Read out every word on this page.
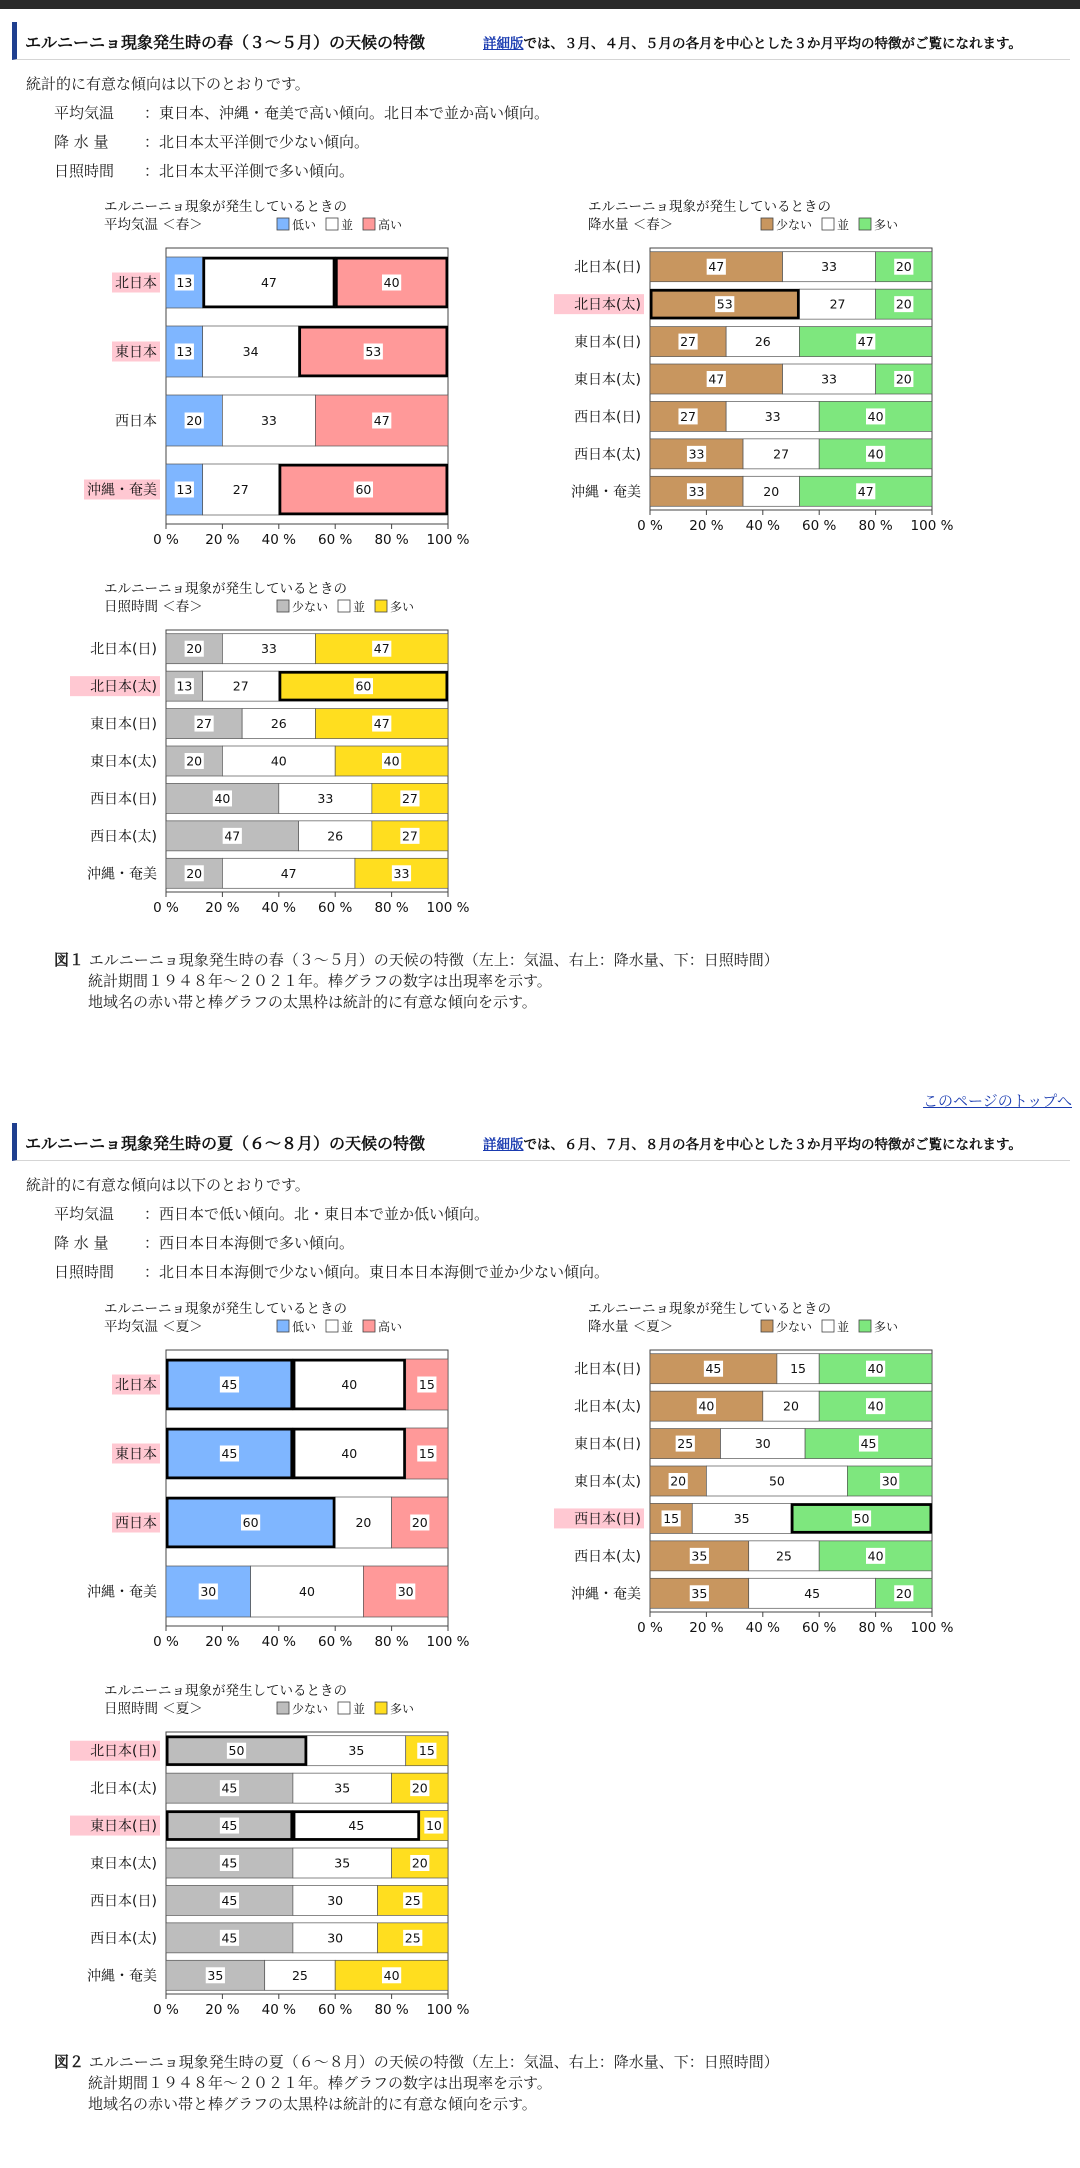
エルニーニョ現象発生時の春（３～５月）の天候の特徴	詳細版では、３月、４月、５月の各月を中心とした３か月平均の特徴がご覧になれます。
統計的に有意な傾向は以下のとおりです。
平均気温 ：東日本、沖縄・奄美で高い傾向。北日本で並か高い傾向。
降 水 量 ：北日本太平洋側で少ない傾向。
日照時間 ：北日本太平洋側で多い傾向。
エルニーニョ現象が発生しているときの
平均気温 ＜春＞	低い 並 高い
北日本 13	47	40
東日本 13	34	53
西日本 20	33	47
沖縄・奄美 13	27	60
0 % 20 % 40 % 60 % 80 % 100 %
エルニーニョ現象が発生しているときの
降水量 ＜春＞	少ない 並 多い
北日本(日)	47	33	20
北日本(太)	53	27	20
東日本(日)	27	26	47
東日本(太)	47	33	20
西日本(日)	27	33	40
西日本(太)	33	27	40
沖縄・奄美	33	20	47
0 % 20 % 40 % 60 % 80 % 100 %
エルニーニョ現象が発生しているときの
日照時間 ＜春＞	少ない 並 多い
北日本(日) 20	33	47
北日本(太) 13	27	60
東日本(日)	27	26	47
東日本(太) 20	40	40
西日本(日)	40	33	27
西日本(太)	47	26	27
沖縄・奄美 20	47	33
0 % 20 % 40 % 60 % 80 % 100 %
図１ エルニーニョ現象発生時の春（３～５月）の天候の特徴（左上：気温、右上：降水量、下：日照時間）
統計期間１９４８年～２０２１年。棒グラフの数字は出現率を示す。
地域名の赤い帯と棒グラフの太黒枠は統計的に有意な傾向を示す。
このページのトップへ
エルニーニョ現象発生時の夏（６～８月）の天候の特徴	詳細版では、６月、７月、８月の各月を中心とした３か月平均の特徴がご覧になれます。
統計的に有意な傾向は以下のとおりです。
平均気温 ：西日本で低い傾向。北・東日本で並か低い傾向。
降 水 量 ：西日本日本海側で多い傾向。
日照時間 ：北日本日本海側で少ない傾向。東日本日本海側で並か少ない傾向。
エルニーニョ現象が発生しているときの
平均気温 ＜夏＞	低い 並 高い
北日本	45	40	15
東日本	45	40	15
西日本	60	20	20
沖縄・奄美	30	40	30
0 % 20 % 40 % 60 % 80 % 100 %
エルニーニョ現象が発生しているときの
降水量 ＜夏＞	少ない 並 多い
北日本(日)	45	15	40
北日本(太)	40	20	40
東日本(日)	25	30	45
東日本(太) 20	50	30
西日本(日) 15	35	50
西日本(太)	35	25	40
沖縄・奄美	35	45	20
0 % 20 % 40 % 60 % 80 % 100 %
エルニーニョ現象が発生しているときの
日照時間 ＜夏＞	少ない 並 多い
北日本(日)	50	35	15
北日本(太)	45	35	20
東日本(日)	45	45	10
東日本(太)	45	35	20
西日本(日)	45	30	25
西日本(太)	45	30	25
沖縄・奄美	35	25	40
0 % 20 % 40 % 60 % 80 % 100 %
図２ エルニーニョ現象発生時の夏（６～８月）の天候の特徴（左上：気温、右上：降水量、下：日照時間）
統計期間１９４８年～２０２１年。棒グラフの数字は出現率を示す。
地域名の赤い帯と棒グラフの太黒枠は統計的に有意な傾向を示す。
